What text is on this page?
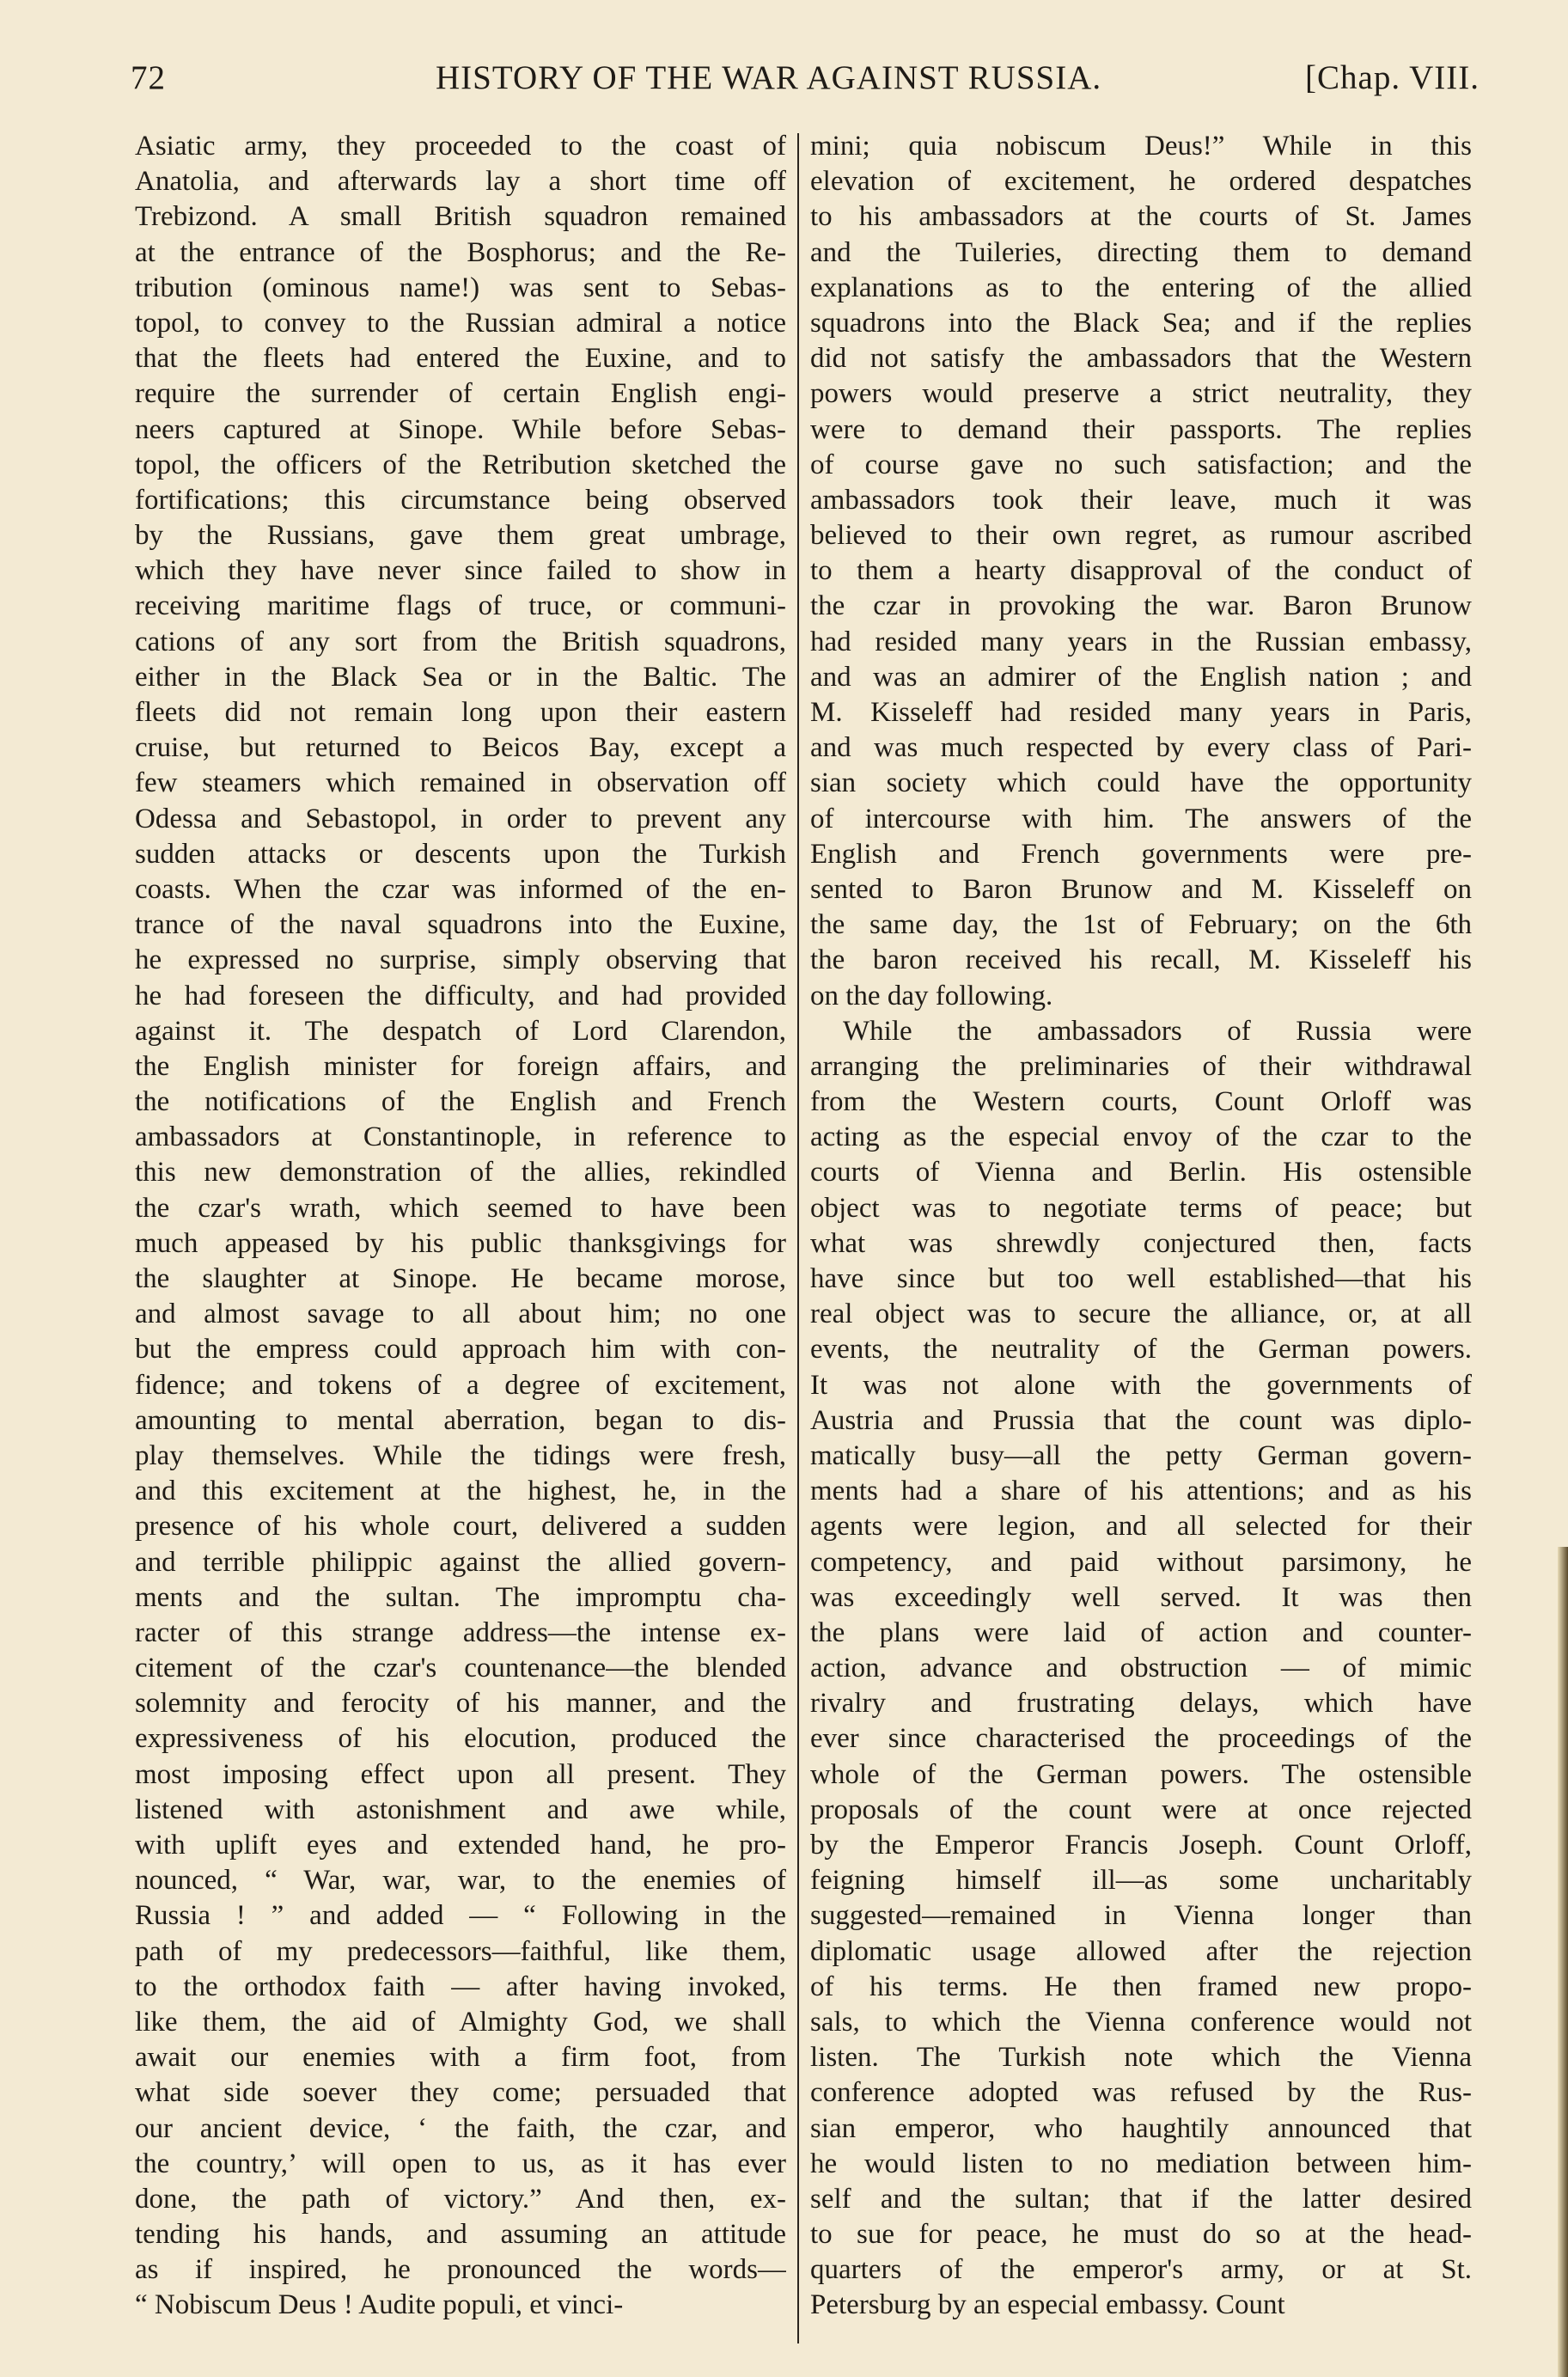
72	HISTORY OF THE WAR AGAINST RUSSIA.	[Chap. VIII.
Asiatic army, they proceeded to the coast of
Anatolia, and afterwards lay a short time off
Trebizond. A small British squadron remained
at the entrance of the Bosphorus; and the Re-
tribution (ominous name!) was sent to Sebas-
topol, to convey to the Russian admiral a notice
that the fleets had entered the Euxine, and to
require the surrender of certain English engi-
neers captured at Sinope. While before Sebas-
topol, the officers of the Retribution sketched the
fortifications; this circumstance being observed
by the Russians, gave them great umbrage,
which they have never since failed to show in
receiving maritime flags of truce, or communi-
cations of any sort from the British squadrons,
either in the Black Sea or in the Baltic. The
fleets did not remain long upon their eastern
cruise, but returned to Beicos Bay, except a
few steamers which remained in observation off
Odessa and Sebastopol, in order to prevent any
sudden attacks or descents upon the Turkish
coasts. When the czar was informed of the en-
trance of the naval squadrons into the Euxine,
he expressed no surprise, simply observing that
he had foreseen the difficulty, and had provided
against it. The despatch of Lord Clarendon,
the English minister for foreign affairs, and
the notifications of the English and French
ambassadors at Constantinople, in reference to
this new demonstration of the allies, rekindled
the czar's wrath, which seemed to have been
much appeased by his public thanksgivings for
the slaughter at Sinope. He became morose,
and almost savage to all about him; no one
but the empress could approach him with con-
fidence; and tokens of a degree of excitement,
amounting to mental aberration, began to dis-
play themselves. While the tidings were fresh,
and this excitement at the highest, he, in the
presence of his whole court, delivered a sudden
and terrible philippic against the allied govern-
ments and the sultan. The impromptu cha-
racter of this strange address—the intense ex-
citement of the czar's countenance—the blended
solemnity and ferocity of his manner, and the
expressiveness of his elocution, produced the
most imposing effect upon all present. They
listened with astonishment and awe while,
with uplift eyes and extended hand, he pro-
nounced, “ War, war, war, to the enemies of
Russia ! ” and added — “ Following in the
path of my predecessors—faithful, like them,
to the orthodox faith — after having invoked,
like them, the aid of Almighty God, we shall
await our enemies with a firm foot, from
what side soever they come; persuaded that
our ancient device, ‘ the faith, the czar, and
the country,’ will open to us, as it has ever
done, the path of victory.” And then, ex-
tending his hands, and assuming an attitude
as if inspired, he pronounced the words—
“ Nobiscum Deus ! Audite populi, et vinci-
mini; quia nobiscum Deus!” While in this
elevation of excitement, he ordered despatches
to his ambassadors at the courts of St. James
and the Tuileries, directing them to demand
explanations as to the entering of the allied
squadrons into the Black Sea; and if the replies
did not satisfy the ambassadors that the Western
powers would preserve a strict neutrality, they
were to demand their passports. The replies
of course gave no such satisfaction; and the
ambassadors took their leave, much it was
believed to their own regret, as rumour ascribed
to them a hearty disapproval of the conduct of
the czar in provoking the war. Baron Brunow
had resided many years in the Russian embassy,
and was an admirer of the English nation ; and
M. Kisseleff had resided many years in Paris,
and was much respected by every class of Pari-
sian society which could have the opportunity
of intercourse with him. The answers of the
English and French governments were pre-
sented to Baron Brunow and M. Kisseleff on
the same day, the 1st of February; on the 6th
the baron received his recall, M. Kisseleff his
on the day following.
While the ambassadors of Russia were
arranging the preliminaries of their withdrawal
from the Western courts, Count Orloff was
acting as the especial envoy of the czar to the
courts of Vienna and Berlin. His ostensible
object was to negotiate terms of peace; but
what was shrewdly conjectured then, facts
have since but too well established—that his
real object was to secure the alliance, or, at all
events, the neutrality of the German powers.
It was not alone with the governments of
Austria and Prussia that the count was diplo-
matically busy—all the petty German govern-
ments had a share of his attentions; and as his
agents were legion, and all selected for their
competency, and paid without parsimony, he
was exceedingly well served. It was then
the plans were laid of action and counter-
action, advance and obstruction — of mimic
rivalry and frustrating delays, which have
ever since characterised the proceedings of the
whole of the German powers. The ostensible
proposals of the count were at once rejected
by the Emperor Francis Joseph. Count Orloff,
feigning himself ill—as some uncharitably
suggested—remained in Vienna longer than
diplomatic usage allowed after the rejection
of his terms. He then framed new propo-
sals, to which the Vienna conference would not
listen. The Turkish note which the Vienna
conference adopted was refused by the Rus-
sian emperor, who haughtily announced that
he would listen to no mediation between him-
self and the sultan; that if the latter desired
to sue for peace, he must do so at the head-
quarters of the emperor's army, or at St.
Petersburg by an especial embassy. Count
